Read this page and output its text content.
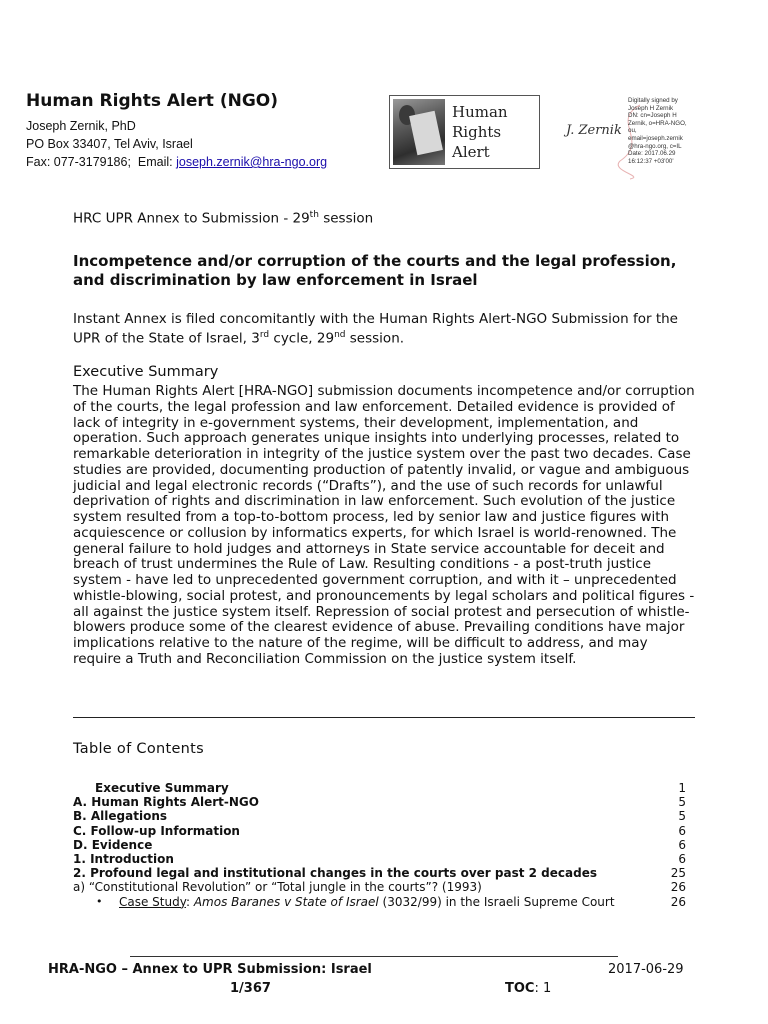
Human Rights Alert (NGO)
Joseph Zernik, PhD
PO Box 33407, Tel Aviv, Israel
Fax: 077-3179186;  Email: joseph.zernik@hra-ngo.org
Human
Rights
Alert
J. Zernik
Digitally signed by
Joseph H Zernik
DN: cn=Joseph H
Zernik, o=HRA-NGO,
ou,
email=joseph.zernik
@hra-ngo.org, c=IL
Date: 2017.06.29
16:12:37 +03'00'
HRC UPR Annex to Submission - 29th session
Incompetence and/or corruption of the courts and the legal profession, and discrimination by law enforcement in Israel
Instant Annex is filed concomitantly with the Human Rights Alert-NGO Submission for the UPR of the State of Israel, 3rd cycle, 29nd session.
Executive Summary
The Human Rights Alert [HRA-NGO] submission documents incompetence and/or corruption of the courts, the legal profession and law enforcement. Detailed evidence is provided of lack of integrity in e-government systems, their development, implementation, and operation. Such approach generates unique insights into underlying processes, related to remarkable deterioration in integrity of the justice system over the past two decades. Case studies are provided, documenting production of patently invalid, or vague and ambiguous judicial and legal electronic records (“Drafts”), and the use of such records for unlawful deprivation of rights and discrimination in law enforcement. Such evolution of the justice system resulted from a top-to-bottom process, led by senior law and justice figures with acquiescence or collusion by informatics experts, for which Israel is world-renowned. The general failure to hold judges and attorneys in State service accountable for deceit and breach of trust undermines the Rule of Law. Resulting conditions - a post-truth justice system - have led to unprecedented government corruption, and with it – unprecedented whistle-blowing, social protest, and pronouncements by legal scholars and political figures - all against the justice system itself. Repression of social protest and persecution of whistle-blowers produce some of the clearest evidence of abuse. Prevailing conditions have major implications relative to the nature of the regime, will be difficult to address, and may require a Truth and Reconciliation Commission on the justice system itself.
Table of Contents
Executive Summary	1
A. Human Rights Alert-NGO	5
B. Allegations	5
C. Follow-up Information	6
D. Evidence	6
1. Introduction	6
2. Profound legal and institutional changes in the courts over past 2 decades	25
a) “Constitutional Revolution” or “Total jungle in the courts”? (1993)	26
• Case Study: Amos Baranes v State of Israel (3032/99) in the Israeli Supreme Court	26
HRA-NGO – Annex to UPR Submission: Israel	2017-06-29
1/367	TOC: 1
